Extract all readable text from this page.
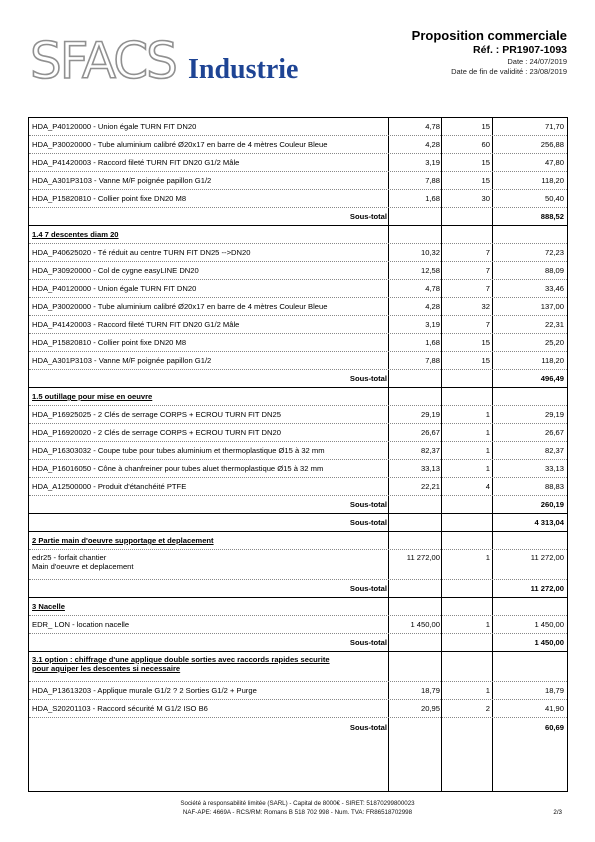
SFACS Industrie
Proposition commerciale
Réf. : PR1907-1093
Date : 24/07/2019
Date de fin de validité : 23/08/2019
HDA_P40120000 - Union égale TURN FIT DN20	4,78	15	71,70
HDA_P30020000 - Tube aluminium calibré Ø20x17 en barre de 4 mètres Couleur Bleue	4,28	60	256,88
HDA_P41420003 - Raccord fileté TURN FIT DN20 G1/2 Mâle	3,19	15	47,80
HDA_A301P3103 - Vanne M/F poignée papillon G1/2	7,88	15	118,20
HDA_P15820810 - Collier point fixe DN20 M8	1,68	30	50,40
Sous-total	888,52
1.4 7 descentes diam 20
HDA_P40625020 - Té réduit au centre TURN FIT DN25 -->DN20	10,32	7	72,23
HDA_P30920000 - Col de cygne easyLINE DN20	12,58	7	88,09
HDA_P40120000 - Union égale TURN FIT DN20	4,78	7	33,46
HDA_P30020000 - Tube aluminium calibré Ø20x17 en barre de 4 mètres Couleur Bleue	4,28	32	137,00
HDA_P41420003 - Raccord fileté TURN FIT DN20 G1/2 Mâle	3,19	7	22,31
HDA_P15820810 - Collier point fixe DN20 M8	1,68	15	25,20
HDA_A301P3103 - Vanne M/F poignée papillon G1/2	7,88	15	118,20
Sous-total	496,49
1.5 outillage pour mise en oeuvre
HDA_P16925025 - 2 Clés de serrage CORPS + ECROU TURN FIT DN25	29,19	1	29,19
HDA_P16920020 - 2 Clés de serrage CORPS + ECROU TURN FIT DN20	26,67	1	26,67
HDA_P16303032 - Coupe tube pour tubes aluminium et thermoplastique Ø15 à 32 mm	82,37	1	82,37
HDA_P16016050 - Cône à chanfreiner pour tubes aluet thermoplastique Ø15 à 32 mm	33,13	1	33,13
HDA_A12500000 - Produit d'étanchéité PTFE	22,21	4	88,83
Sous-total	260,19
Sous-total	4 313,04
2 Partie main d'oeuvre supportage et deplacement
edr25 - forfait chantier
Main d'oeuvre et deplacement
11 272,00	1	11 272,00
Sous-total	11 272,00
3 Nacelle
EDR_ LON - location nacelle	1 450,00	1	1 450,00
Sous-total	1 450,00
3.1 option : chiffrage d'une applique double sorties avec raccords rapides securite
pour aquiper les descentes si necessaire
HDA_P13613203 - Applique murale G1/2 ? 2 Sorties G1/2 + Purge	18,79	1	18,79
HDA_S20201103 - Raccord sécurité M G1/2 ISO B6	20,95	2	41,90
Sous-total	60,69
Société à responsabilité limitée (SARL) - Capital de 8000€ - SIRET: 51870299800023
NAF-APE: 4669A - RCS/RM: Romans B 518 702 998 - Num. TVA: FR86518702998	2/3
